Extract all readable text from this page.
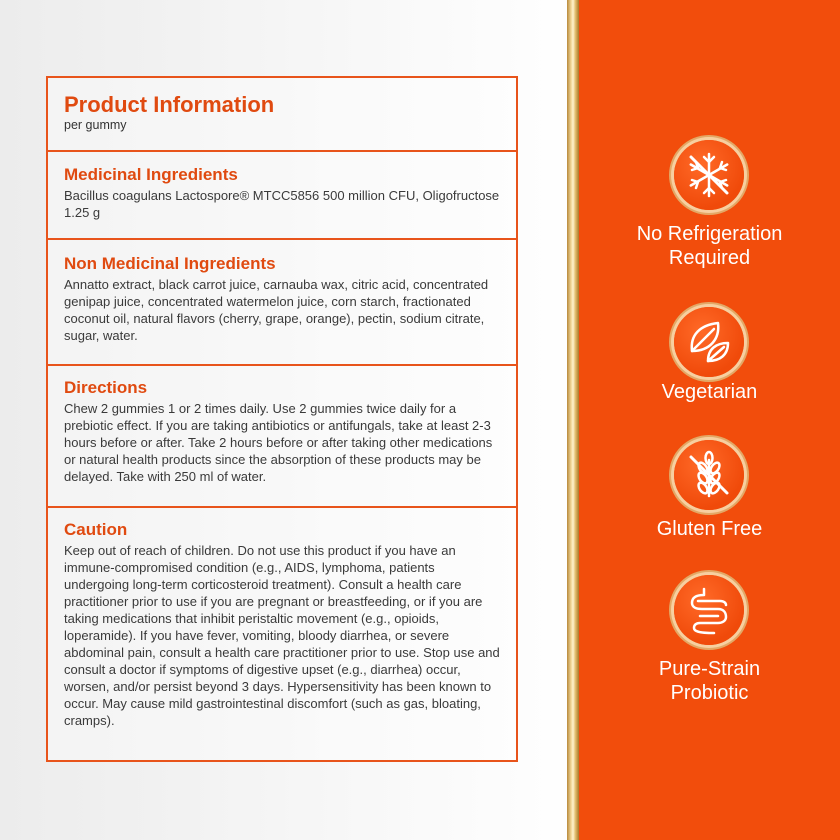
Product Information

per gummy

Medicinal Ingredients

Bacillus coagulans Lactospore® MTCC5856 500 million CFU, Oligofructose 1.25 g

Non Medicinal Ingredients

Annatto extract, black carrot juice, carnauba wax, citric acid, concentrated genipap juice, concentrated watermelon juice, corn starch, fractionated coconut oil, natural flavors (cherry, grape, orange), pectin, sodium citrate, sugar, water.

Directions

Chew 2 gummies 1 or 2 times daily. Use 2 gummies twice daily for a prebiotic effect. If you are taking antibiotics or antifungals, take at least 2-3 hours before or after. Take 2 hours before or after taking other medications or natural health products since the absorption of these products may be delayed. Take with 250 ml of water.

Caution

Keep out of reach of children. Do not use this product if you have an immune-compromised condition (e.g., AIDS, lymphoma, patients undergoing long-term corticosteroid treatment). Consult a health care practitioner prior to use if you are pregnant or breastfeeding, or if you are taking medications that inhibit peristaltic movement (e.g., opioids, loperamide). If you have fever, vomiting, bloody diarrhea, or severe abdominal pain, consult a health care practitioner prior to use. Stop use and consult a doctor if symptoms of digestive upset (e.g., diarrhea) occur, worsen, and/or persist beyond 3 days. Hypersensitivity has been known to occur. May cause mild gastrointestinal discomfort (such as gas, bloating, cramps).

No Refrigeration
Required
Vegetarian
Gluten Free
Pure-Strain
Probiotic
